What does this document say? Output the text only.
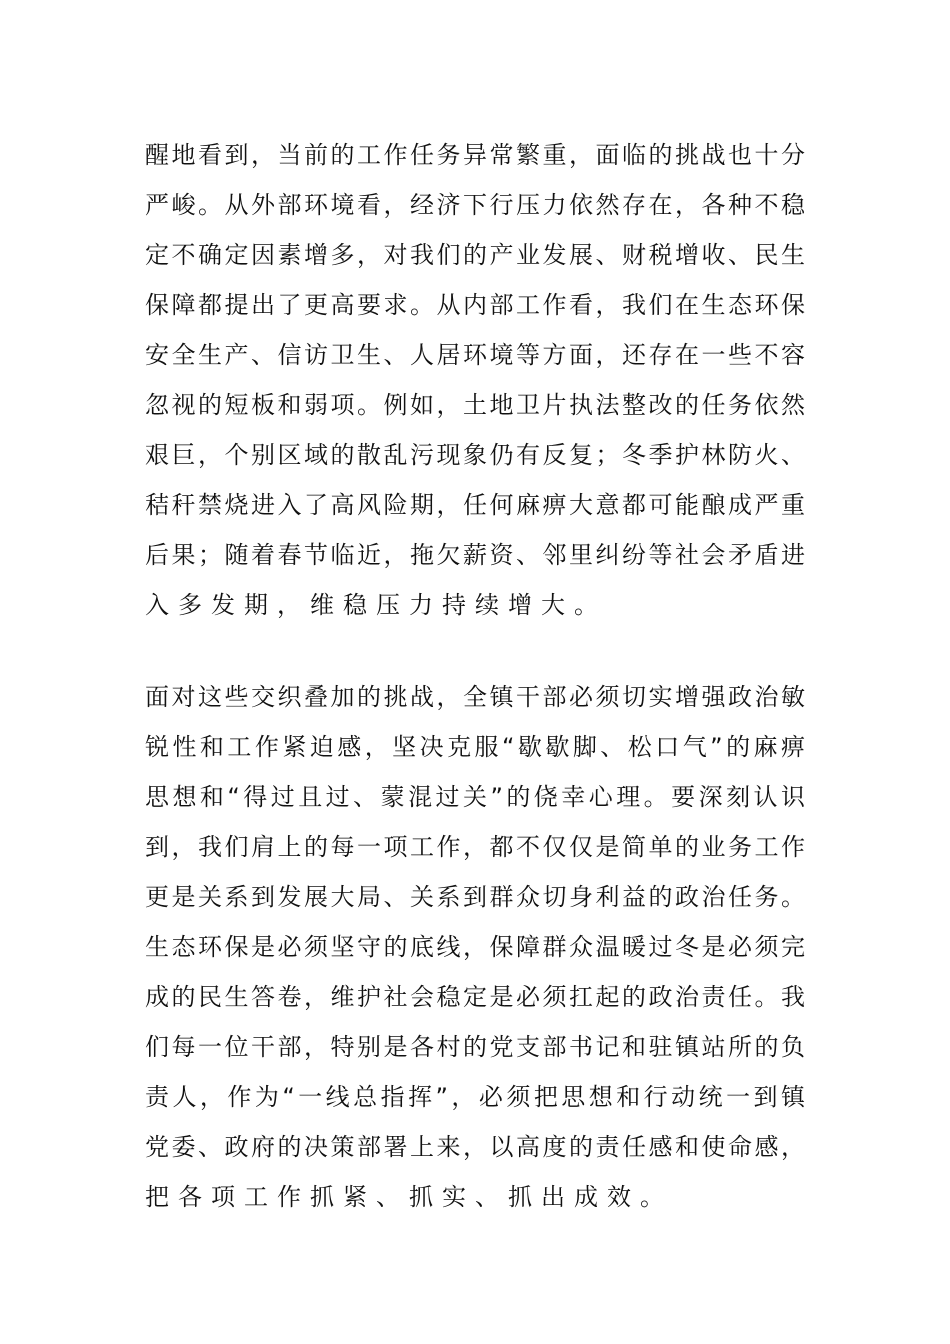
醒地看到，当前的工作任务异常繁重，面临的挑战也十分
严峻。从外部环境看，经济下行压力依然存在，各种不稳
定不确定因素增多，对我们的产业发展、财税增收、民生
保障都提出了更高要求。从内部工作看，我们在生态环保
安全生产、信访卫生、人居环境等方面，还存在一些不容
忽视的短板和弱项。例如，土地卫片执法整改的任务依然
艰巨，个别区域的散乱污现象仍有反复；冬季护林防火、
秸秆禁烧进入了高风险期，任何麻痹大意都可能酿成严重
后果；随着春节临近，拖欠薪资、邻里纠纷等社会矛盾进
入多发期，维稳压力持续增大。
面对这些交织叠加的挑战，全镇干部必须切实增强政治敏
锐性和工作紧迫感，坚决克服“歇歇脚、松口气”的麻痹
思想和“得过且过、蒙混过关”的侥幸心理。要深刻认识
到，我们肩上的每一项工作，都不仅仅是简单的业务工作
更是关系到发展大局、关系到群众切身利益的政治任务。
生态环保是必须坚守的底线，保障群众温暖过冬是必须完
成的民生答卷，维护社会稳定是必须扛起的政治责任。我
们每一位干部，特别是各村的党支部书记和驻镇站所的负
责人，作为“一线总指挥”，必须把思想和行动统一到镇
党委、政府的决策部署上来，以高度的责任感和使命感，
把各项工作抓紧、抓实、抓出成效。
